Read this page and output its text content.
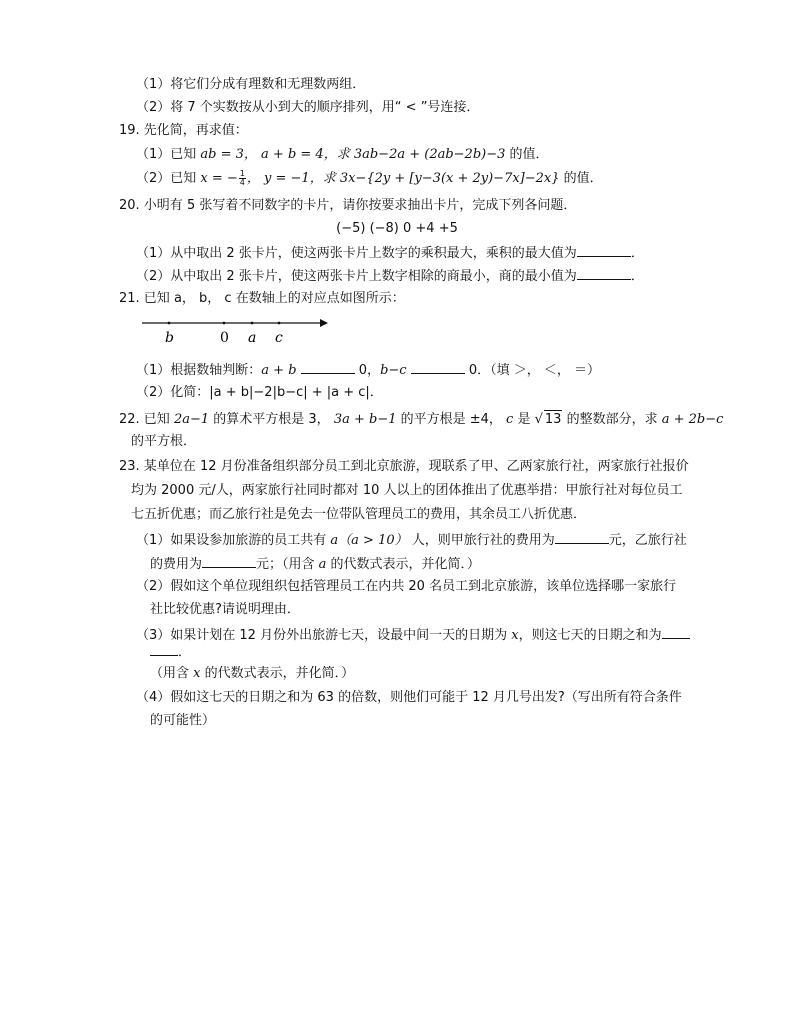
（1）将它们分成有理数和无理数两组．
（2）将 7 个实数按从小到大的顺序排列，用“ < ”号连接．
19. 先化简，再求值：
（1）已知 ab = 3， a + b = 4，求 3ab−2a + (2ab−2b)−3 的值．
（2）已知 x = − $\frac{1}{4}$ ， y = −1，求 3x−{2y + [y−3(x + 2y)−7x]−2x} 的值．
20. 小明有 5 张写着不同数字的卡片，请你按要求抽出卡片，完成下列各问题．
(−5) (−8) 0 +4 +5
（1）从中取出 2 张卡片，使这两张卡片上数字的乘积最大，乘积的最大值为	．
（2）从中取出 2 张卡片，使这两张卡片上数字相除的商最小，商的最小值为	．
21. 已知 a， b， c 在数轴上的对应点如图所示：
b	0 a c
（1）根据数轴判断：a + b	0，b−c	0．（填 ＞， ＜， ＝）
（2）化简：|a + b|−2|b−c| + |a + c|．
22. 已知 2a−1 的算术平方根是 3， 3a + b−1 的平方根是 ±4， c 是 √ 13 的整数部分，求 a + 2b−c
的平方根．
23. 某单位在 12 月份准备组织部分员工到北京旅游，现联系了甲、乙两家旅行社，两家旅行社报价
均为 2000 元/人，两家旅行社同时都对 10 人以上的团体推出了优惠举措：甲旅行社对每位员工
七五折优惠；而乙旅行社是免去一位带队管理员工的费用，其余员工八折优惠．
（1）如果设参加旅游的员工共有 a（a > 10） 人，则甲旅行社的费用为	元，乙旅行社
的费用为	元；（用含 a 的代数式表示，并化简．）
（2）假如这个单位现组织包括管理员工在内共 20 名员工到北京旅游，该单位选择哪一家旅行
社比较优惠?请说明理由．
（3）如果计划在 12 月份外出旅游七天，设最中间一天的日期为 x，则这七天的日期之和为
．
（用含 x 的代数式表示，并化简．）
（4）假如这七天的日期之和为 63 的倍数，则他们可能于 12 月几号出发?（写出所有符合条件
的可能性）
